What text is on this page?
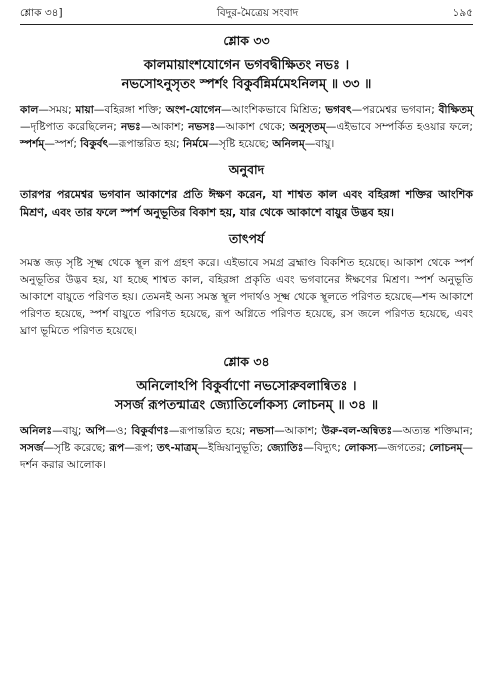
শ্লোক ৩৪]	বিদুর-মৈত্রেয় সংবাদ	১৯৫
শ্লোক ৩৩
কালমায়াংশযোগেন ভগবদ্বীক্ষিতং নভঃ ।
নভসোঽনুসৃতং স্পর্শং বিকুর্বন্নির্মমেঽনিলম্ ॥ ৩৩ ॥
কাল—সময়; মায়া—বহিরঙ্গা শক্তি; অংশ-যোগেন—আংশিকভাবে মিশ্রিত; ভগবৎ—পরমেশ্বর ভগবান; বীক্ষিতম্—দৃষ্টিপাত করেছিলেন; নভঃ—আকাশ; নভসঃ—আকাশ থেকে; অনুসৃতম্—এইভাবে সম্পর্কিত হওয়ার ফলে; স্পর্শম্—স্পর্শ; বিকুর্বৎ—রূপান্তরিত হয়; নির্মমে—সৃষ্টি হয়েছে; অনিলম্—বায়ু।
অনুবাদ
তারপর পরমেশ্বর ভগবান আকাশের প্রতি ঈক্ষণ করেন, যা শাশ্বত কাল এবং বহিরঙ্গা শক্তির আংশিক মিশ্রণ, এবং তার ফলে স্পর্শ অনুভূতির বিকাশ হয়, যার থেকে আকাশে বায়ুর উদ্ভব হয়।
তাৎপর্য
সমস্ত জড় সৃষ্টি সূক্ষ্ম থেকে স্থূল রূপ গ্রহণ করে। এইভাবে সমগ্র ব্রহ্মাণ্ড বিকশিত হয়েছে। আকাশ থেকে স্পর্শ অনুভূতির উদ্ভব হয়, যা হচ্ছে শাশ্বত কাল, বহিরঙ্গা প্রকৃতি এবং ভগবানের ঈক্ষণের মিশ্রণ। স্পর্শ অনুভূতি আকাশে বায়ুতে পরিণত হয়। তেমনই অন্য সমস্ত স্থূল পদার্থও সূক্ষ্ম থেকে স্থূলতে পরিণত হয়েছে—শব্দ আকাশে পরিণত হয়েছে, স্পর্শ বায়ুতে পরিণত হয়েছে, রূপ অগ্নিতে পরিণত হয়েছে, রস জলে পরিণত হয়েছে, এবং ঘ্রাণ ভূমিতে পরিণত হয়েছে।
শ্লোক ৩৪
অনিলোঽপি বিকুর্বাণো নভসোরুবলান্বিতঃ ।
সসর্জ রূপতন্মাত্রং জ্যোতির্লোকস্য লোচনম্ ॥ ৩৪ ॥
অনিলঃ—বায়ু; অপি—ও; বিকুর্বাণঃ—রূপান্তরিত হয়ে; নভসা—আকাশ; উরু-বল-অন্বিতঃ—অত্যন্ত শক্তিমান; সসর্জ—সৃষ্টি করেছে; রূপ—রূপ; তৎ-মাত্রম্—ইন্দ্রিয়ানুভূতি; জ্যোতিঃ—বিদ্যুৎ; লোকস্য—জগতের; লোচনম্—দর্শন করার আলোক।
